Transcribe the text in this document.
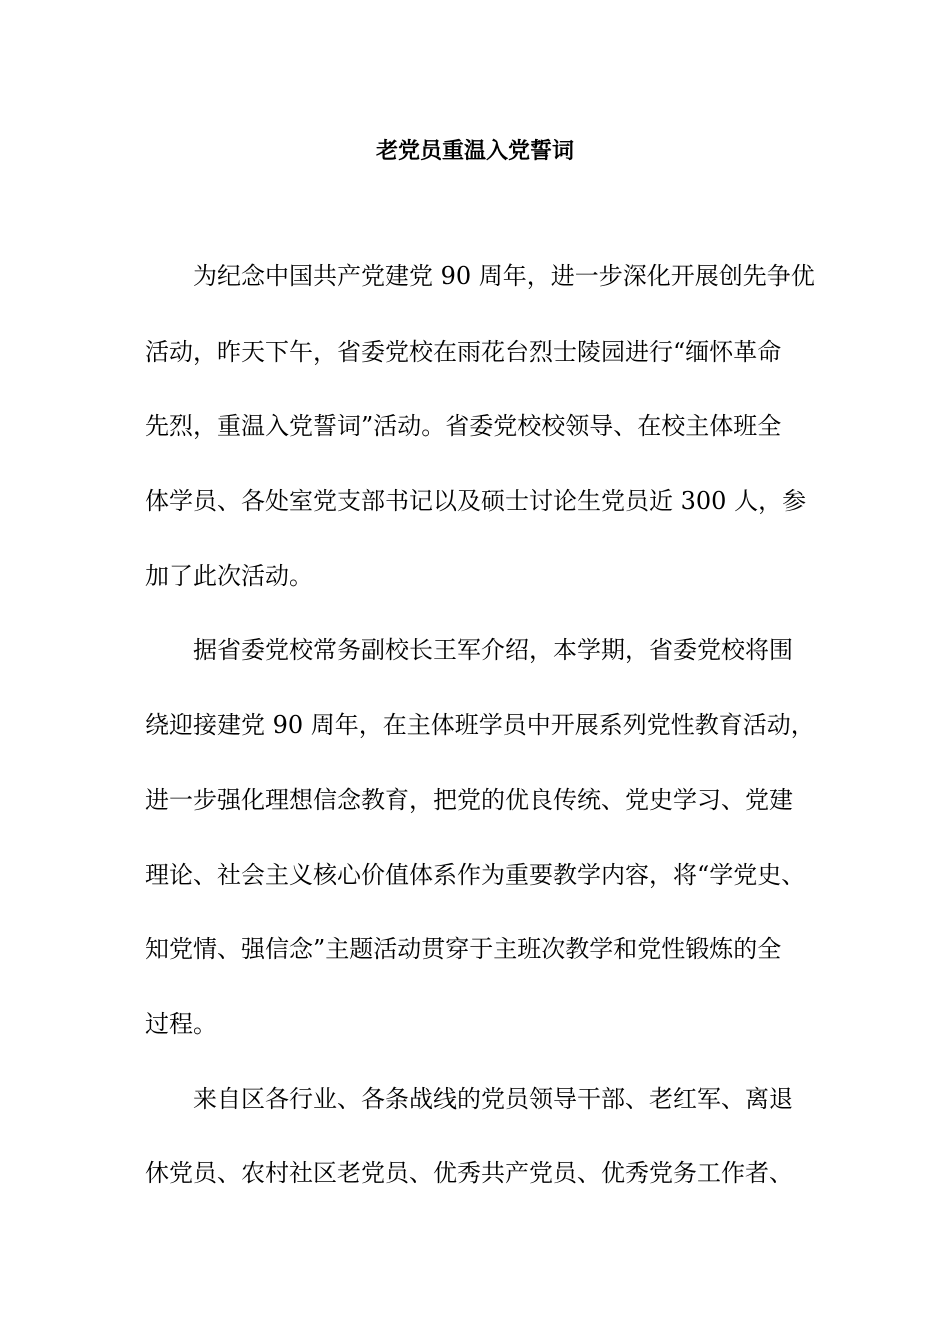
老党员重温入党誓词

为纪念中国共产党建党 90 周年，进一步深化开展创先争优

活动，昨天下午，省委党校在雨花台烈士陵园进行“缅怀革命

先烈，重温入党誓词”活动。省委党校校领导、在校主体班全

体学员、各处室党支部书记以及硕士讨论生党员近 300 人，参

加了此次活动。

据省委党校常务副校长王军介绍，本学期，省委党校将围

绕迎接建党 90 周年，在主体班学员中开展系列党性教育活动，

进一步强化理想信念教育，把党的优良传统、党史学习、党建

理论、社会主义核心价值体系作为重要教学内容，将“学党史、

知党情、强信念”主题活动贯穿于主班次教学和党性锻炼的全

过程。

来自区各行业、各条战线的党员领导干部、老红军、离退

休党员、农村社区老党员、优秀共产党员、优秀党务工作者、
